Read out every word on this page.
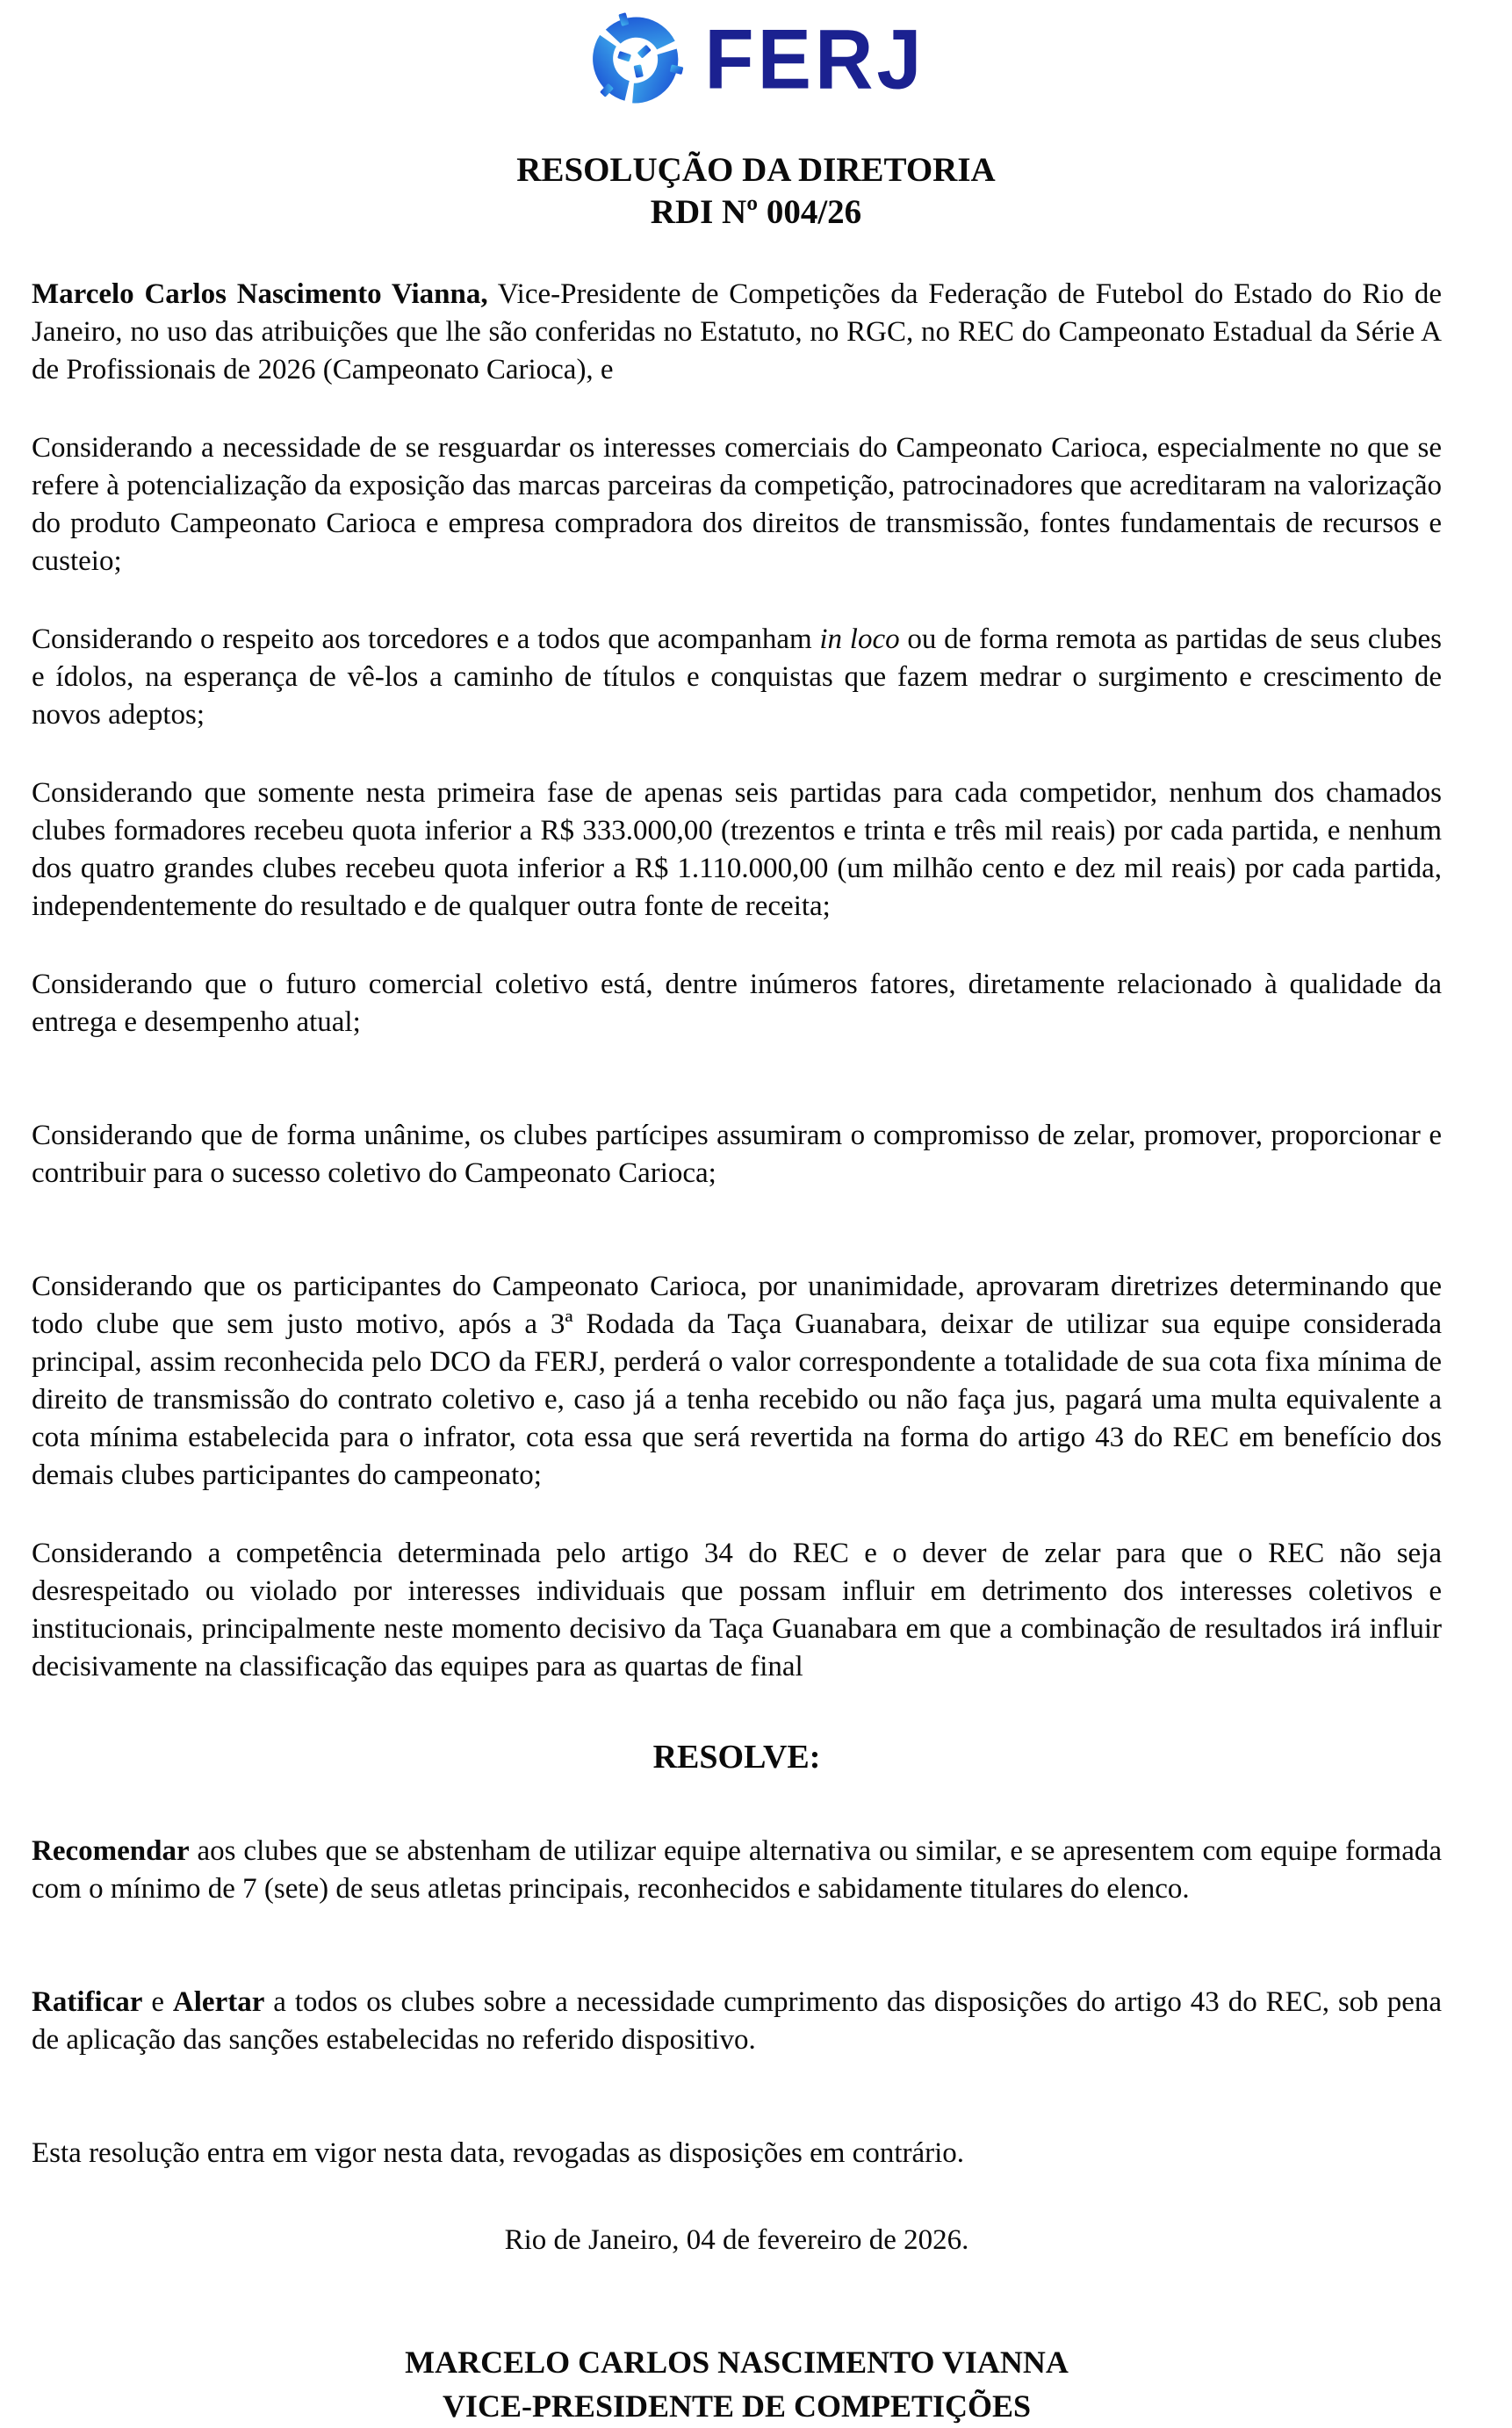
FERJ
RESOLUÇÃO DA DIRETORIA
RDI Nº 004/26

Marcelo Carlos Nascimento Vianna, Vice-Presidente de Competições da Federação de Futebol do Estado do Rio de Janeiro, no uso das atribuições que lhe são conferidas no Estatuto, no RGC, no REC do Campeonato Estadual da Série A de Profissionais de 2026 (Campeonato Carioca), e

Considerando a necessidade de se resguardar os interesses comerciais do Campeonato Carioca, especialmente no que se refere à potencialização da exposição das marcas parceiras da competição, patrocinadores que acreditaram na valorização do produto Campeonato Carioca e empresa compradora dos direitos de transmissão, fontes fundamentais de recursos e custeio;

Considerando o respeito aos torcedores e a todos que acompanham in loco ou de forma remota as partidas de seus clubes e ídolos, na esperança de vê-los a caminho de títulos e conquistas que fazem medrar o surgimento e crescimento de novos adeptos;

Considerando que somente nesta primeira fase de apenas seis partidas para cada competidor, nenhum dos chamados clubes formadores recebeu quota inferior a R$ 333.000,00 (trezentos e trinta e três mil reais) por cada partida, e nenhum dos quatro grandes clubes recebeu quota inferior a R$ 1.110.000,00 (um milhão cento e dez mil reais) por cada partida, independentemente do resultado e de qualquer outra fonte de receita;

Considerando que o futuro comercial coletivo está, dentre inúmeros fatores, diretamente relacionado à qualidade da entrega e desempenho atual;

Considerando que de forma unânime, os clubes partícipes assumiram o compromisso de zelar, promover, proporcionar e contribuir para o sucesso coletivo do Campeonato Carioca;

Considerando que os participantes do Campeonato Carioca, por unanimidade, aprovaram diretrizes determinando que todo clube que sem justo motivo, após a 3ª Rodada da Taça Guanabara, deixar de utilizar sua equipe considerada principal, assim reconhecida pelo DCO da FERJ, perderá o valor correspondente a totalidade de sua cota fixa mínima de direito de transmissão do contrato coletivo e, caso já a tenha recebido ou não faça jus, pagará uma multa equivalente a cota mínima estabelecida para o infrator, cota essa que será revertida na forma do artigo 43 do REC em benefício dos demais clubes participantes do campeonato;

Considerando a competência determinada pelo artigo 34 do REC e o dever de zelar para que o REC não seja desrespeitado ou violado por interesses individuais que possam influir em detrimento dos interesses coletivos e institucionais, principalmente neste momento decisivo da Taça Guanabara em que a combinação de resultados irá influir decisivamente na classificação das equipes para as quartas de final

RESOLVE:

Recomendar aos clubes que se abstenham de utilizar equipe alternativa ou similar, e se apresentem com equipe formada com o mínimo de 7 (sete) de seus atletas principais, reconhecidos e sabidamente titulares do elenco.

Ratificar e Alertar a todos os clubes sobre a necessidade cumprimento das disposições do artigo 43 do REC, sob pena de aplicação das sanções estabelecidas no referido dispositivo.

Esta resolução entra em vigor nesta data, revogadas as disposições em contrário.

Rio de Janeiro, 04 de fevereiro de 2026.
MARCELO CARLOS NASCIMENTO VIANNA
VICE-PRESIDENTE DE COMPETIÇÕES
